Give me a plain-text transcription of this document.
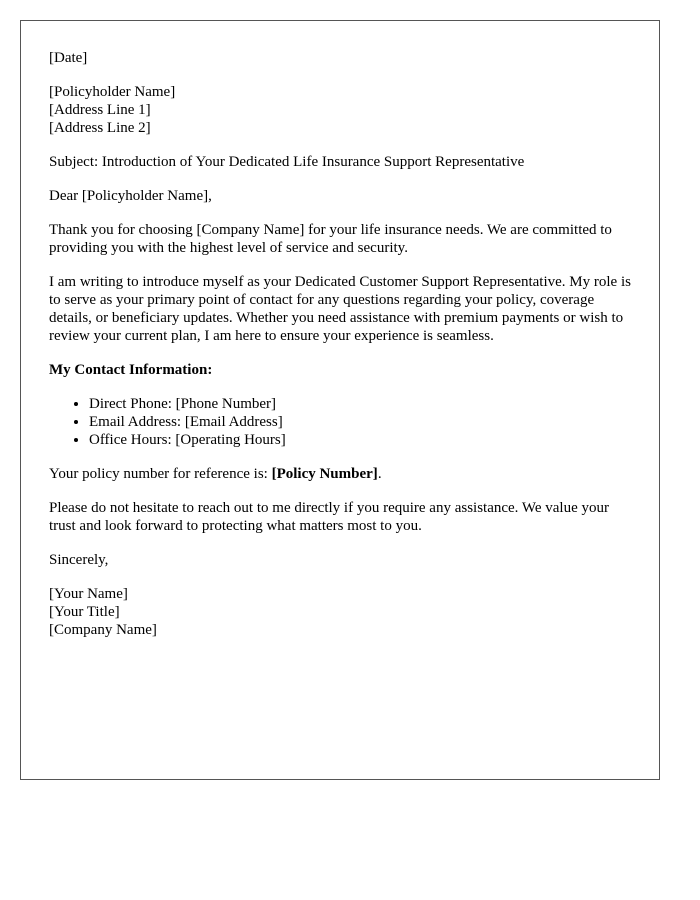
[Date]

[Policyholder Name]
[Address Line 1]
[Address Line 2]

Subject: Introduction of Your Dedicated Life Insurance Support Representative

Dear [Policyholder Name],

Thank you for choosing [Company Name] for your life insurance needs. We are committed to providing you with the highest level of service and security.

I am writing to introduce myself as your Dedicated Customer Support Representative. My role is to serve as your primary point of contact for any questions regarding your policy, coverage details, or beneficiary updates. Whether you need assistance with premium payments or wish to review your current plan, I am here to ensure your experience is seamless.

My Contact Information:
• Direct Phone: [Phone Number]
• Email Address: [Email Address]
• Office Hours: [Operating Hours]

Your policy number for reference is: [Policy Number].

Please do not hesitate to reach out to me directly if you require any assistance. We value your trust and look forward to protecting what matters most to you.

Sincerely,

[Your Name]
[Your Title]
[Company Name]
